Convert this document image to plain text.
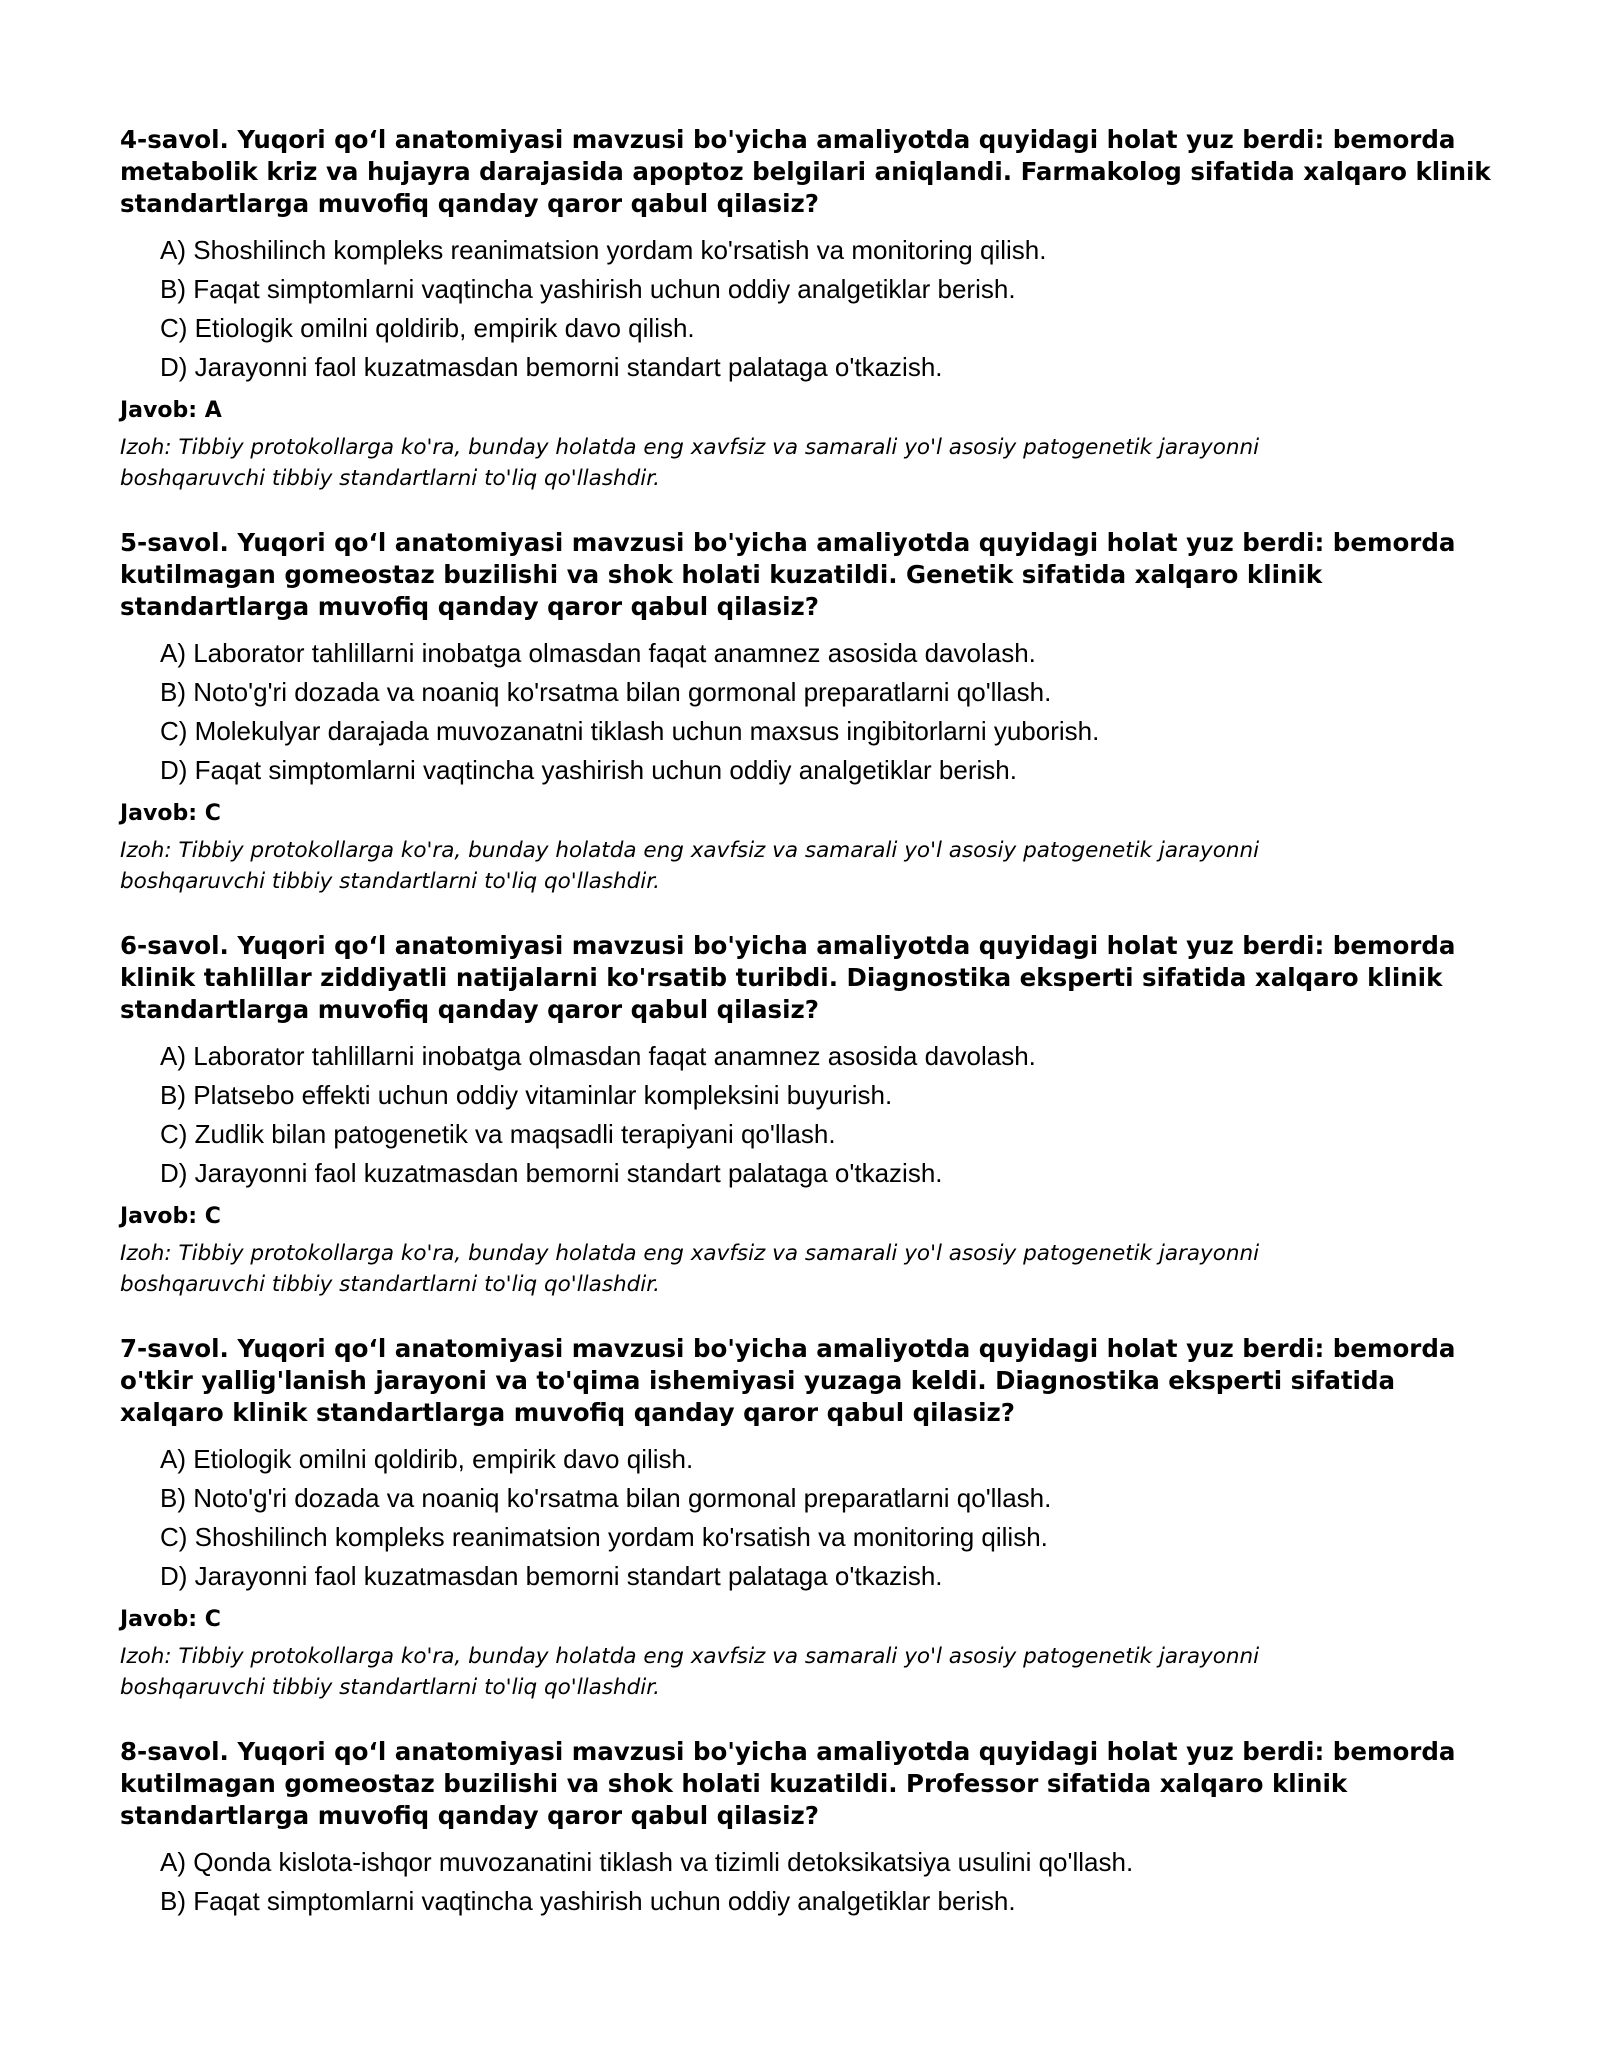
4-savol. Yuqori qo‘l anatomiyasi mavzusi bo'yicha amaliyotda quyidagi holat yuz berdi: bemorda metabolik kriz va hujayra darajasida apoptoz belgilari aniqlandi. Farmakolog sifatida xalqaro klinik standartlarga muvofiq qanday qaror qabul qilasiz?

A) Shoshilinch kompleks reanimatsion yordam ko'rsatish va monitoring qilish.
B) Faqat simptomlarni vaqtincha yashirish uchun oddiy analgetiklar berish.
C) Etiologik omilni qoldirib, empirik davo qilish.
D) Jarayonni faol kuzatmasdan bemorni standart palataga o'tkazish.
Javob: A
Izoh: Tibbiy protokollarga ko'ra, bunday holatda eng xavfsiz va samarali yo'l asosiy patogenetik jarayonni boshqaruvchi tibbiy standartlarni to'liq qo'llashdir.

5-savol. Yuqori qo‘l anatomiyasi mavzusi bo'yicha amaliyotda quyidagi holat yuz berdi: bemorda kutilmagan gomeostaz buzilishi va shok holati kuzatildi. Genetik sifatida xalqaro klinik standartlarga muvofiq qanday qaror qabul qilasiz?

A) Laborator tahlillarni inobatga olmasdan faqat anamnez asosida davolash.
B) Noto'g'ri dozada va noaniq ko'rsatma bilan gormonal preparatlarni qo'llash.
C) Molekulyar darajada muvozanatni tiklash uchun maxsus ingibitorlarni yuborish.
D) Faqat simptomlarni vaqtincha yashirish uchun oddiy analgetiklar berish.
Javob: C
Izoh: Tibbiy protokollarga ko'ra, bunday holatda eng xavfsiz va samarali yo'l asosiy patogenetik jarayonni boshqaruvchi tibbiy standartlarni to'liq qo'llashdir.

6-savol. Yuqori qo‘l anatomiyasi mavzusi bo'yicha amaliyotda quyidagi holat yuz berdi: bemorda klinik tahlillar ziddiyatli natijalarni ko'rsatib turibdi. Diagnostika eksperti sifatida xalqaro klinik standartlarga muvofiq qanday qaror qabul qilasiz?

A) Laborator tahlillarni inobatga olmasdan faqat anamnez asosida davolash.
B) Platsebo effekti uchun oddiy vitaminlar kompleksini buyurish.
C) Zudlik bilan patogenetik va maqsadli terapiyani qo'llash.
D) Jarayonni faol kuzatmasdan bemorni standart palataga o'tkazish.
Javob: C
Izoh: Tibbiy protokollarga ko'ra, bunday holatda eng xavfsiz va samarali yo'l asosiy patogenetik jarayonni boshqaruvchi tibbiy standartlarni to'liq qo'llashdir.

7-savol. Yuqori qo‘l anatomiyasi mavzusi bo'yicha amaliyotda quyidagi holat yuz berdi: bemorda o'tkir yallig'lanish jarayoni va to'qima ishemiyasi yuzaga keldi. Diagnostika eksperti sifatida xalqaro klinik standartlarga muvofiq qanday qaror qabul qilasiz?

A) Etiologik omilni qoldirib, empirik davo qilish.
B) Noto'g'ri dozada va noaniq ko'rsatma bilan gormonal preparatlarni qo'llash.
C) Shoshilinch kompleks reanimatsion yordam ko'rsatish va monitoring qilish.
D) Jarayonni faol kuzatmasdan bemorni standart palataga o'tkazish.
Javob: C
Izoh: Tibbiy protokollarga ko'ra, bunday holatda eng xavfsiz va samarali yo'l asosiy patogenetik jarayonni boshqaruvchi tibbiy standartlarni to'liq qo'llashdir.

8-savol. Yuqori qo‘l anatomiyasi mavzusi bo'yicha amaliyotda quyidagi holat yuz berdi: bemorda kutilmagan gomeostaz buzilishi va shok holati kuzatildi. Professor sifatida xalqaro klinik standartlarga muvofiq qanday qaror qabul qilasiz?

A) Qonda kislota-ishqor muvozanatini tiklash va tizimli detoksikatsiya usulini qo'llash.
B) Faqat simptomlarni vaqtincha yashirish uchun oddiy analgetiklar berish.
